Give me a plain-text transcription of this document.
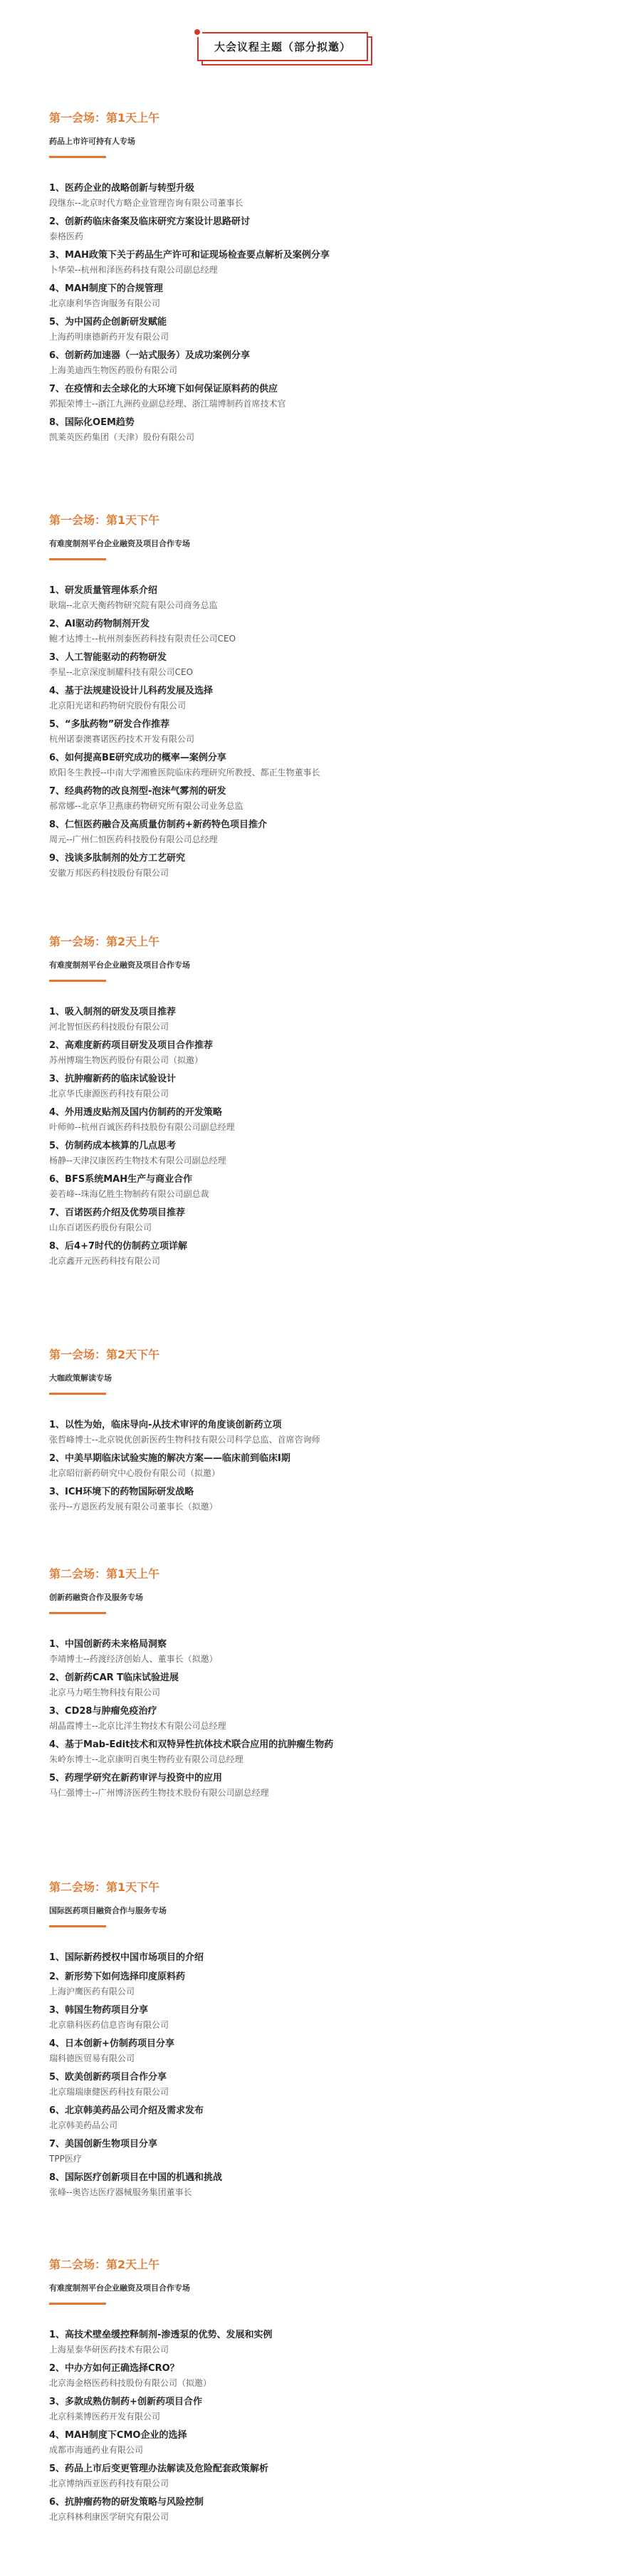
大会议程主题（部分拟邀）
第一会场：第1天上午
药品上市许可持有人专场
1、医药企业的战略创新与转型升级
段继东--北京时代方略企业管理咨询有限公司董事长
2、创新药临床备案及临床研究方案设计思路研讨
泰格医药
3、MAH政策下关于药品生产许可和证现场检查要点解析及案例分享
卜华荣--杭州和泽医药科技有限公司副总经理
4、MAH制度下的合规管理
北京康利华咨询服务有限公司
5、为中国药企创新研发赋能
上海药明康德新药开发有限公司
6、创新药加速器（一站式服务）及成功案例分享
上海美迪西生物医药股份有限公司
7、在疫情和去全球化的大环境下如何保证原料药的供应
郭振荣博士--浙江九洲药业副总经理、浙江瑞博制药首席技术官
8、国际化OEM趋势
凯莱英医药集团（天津）股份有限公司
第一会场：第1天下午
有难度制剂平台企业融资及项目合作专场
1、研发质量管理体系介绍
耿瑞--北京天衡药物研究院有限公司商务总监
2、AI驱动药物制剂开发
鲍才达博士--杭州剂泰医药科技有限责任公司CEO
3、人工智能驱动的药物研发
李星--北京深度制耀科技有限公司CEO
4、基于法规建设设计儿科药发展及选择
北京阳光诺和药物研究股份有限公司
5、“多肽药物”研发合作推荐
杭州诺泰澳赛诺医药技术开发有限公司
6、如何提高BE研究成功的概率—案例分享
欧阳冬生教授--中南大学湘雅医院临床药理研究所教授、都正生物董事长
7、经典药物的改良剂型-泡沫气雾剂的研发
郝常娜--北京华卫燕康药物研究所有限公司业务总监
8、仁恒医药融合及高质量仿制药+新药特色项目推介
周元--广州仁恒医药科技股份有限公司总经理
9、浅谈多肽制剂的处方工艺研究
安徽万邦医药科技股份有限公司
第一会场：第2天上午
有难度制剂平台企业融资及项目合作专场
1、吸入制剂的研发及项目推荐
河北智恒医药科技股份有限公司
2、高难度新药项目研发及项目合作推荐
苏州博瑞生物医药股份有限公司（拟邀）
3、抗肿瘤新药的临床试验设计
北京华氏康源医药科技有限公司
4、外用透皮贴剂及国内仿制药的开发策略
叶师帅--杭州百诚医药科技股份有限公司副总经理
5、仿制药成本核算的几点思考
杨静--天津汉康医药生物技术有限公司副总经理
6、BFS系统MAH生产与商业合作
姜若峰--珠海亿胜生物制药有限公司副总裁
7、百诺医药介绍及优势项目推荐
山东百诺医药股份有限公司
8、后4+7时代的仿制药立项详解
北京鑫开元医药科技有限公司
第一会场：第2天下午
大咖政策解读专场
1、以性为始，临床导向-从技术审评的角度谈创新药立项
张哲峰博士--北京锐优创新医药生物科技有限公司科学总监、首席咨询师
2、中美早期临床试验实施的解决方案——临床前到临床I期
北京昭衍新药研究中心股份有限公司（拟邀）
3、ICH环境下的药物国际研发战略
张丹--方恩医药发展有限公司董事长（拟邀）
第二会场：第1天上午
创新药融资合作及服务专场
1、中国创新药未来格局洞察
李靖博士--药渡经济创始人、董事长（拟邀）
2、创新药CAR T临床试验进展
北京马力喏生物科技有限公司
3、CD28与肿瘤免疫治疗
胡晶霞博士--北京比洋生物技术有限公司总经理
4、基于Mab-Edit技术和双特异性抗体技术联合应用的抗肿瘤生物药
朱岭东博士--北京康明百奥生物药业有限公司总经理
5、药理学研究在新药审评与投资中的应用
马仁强博士--广州博济医药生物技术股份有限公司副总经理
第二会场：第1天下午
国际医药项目融资合作与服务专场
1、国际新药授权中国市场项目的介绍
2、新形势下如何选择印度原料药
上海沪鹰医药有限公司
3、韩国生物药项目分享
北京鼎科医药信息咨询有限公司
4、日本创新+仿制药项目分享
瑞科德医贸易有限公司
5、欧美创新药项目合作分享
北京瑞瑞康健医药科技有限公司
6、北京韩美药品公司介绍及需求发布
北京韩美药品公司
7、美国创新生物项目分享
TPP医疗
8、国际医疗创新项目在中国的机遇和挑战
张峰--奥咨达医疗器械服务集团董事长
第二会场：第2天上午
有难度制剂平台企业融资及项目合作专场
1、高技术壁垒缓控释制剂-渗透泵的优势、发展和实例
上海星泰华研医药技术有限公司
2、中办方如何正确选择CRO？
北京海金格医药科技股份有限公司（拟邀）
3、多款成熟仿制药+创新药项目合作
北京科莱博医药开发有限公司
4、MAH制度下CMO企业的选择
成都市海通药业有限公司
5、药品上市后变更管理办法解读及危险配套政策解析
北京博纳西亚医药科技有限公司
6、抗肿瘤药物的研发策略与风险控制
北京科林利康医学研究有限公司
